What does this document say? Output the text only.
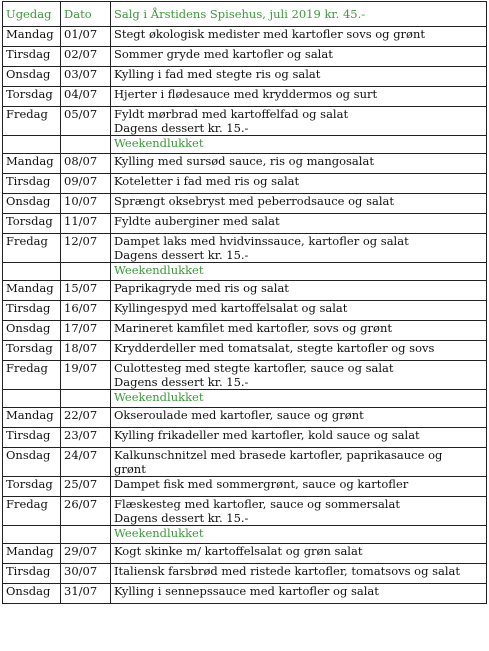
Ugedag	Dato	Salg i Årstidens Spisehus, juli 2019 kr. 45.-
Mandag	01/07	Stegt økologisk medister med kartofler sovs og grønt

Tirsdag	02/07	Sommer gryde med kartofler og salat

Onsdag	03/07	Kylling i fad med stegte ris og salat

Torsdag	04/07	Hjerter i flødesauce med kryddermos og surt

Fredag	05/07	Fyldt mørbrad med kartoffelfad og salat
Dagens dessert kr. 15.-

		Weekendlukket
Mandag	08/07	Kylling med sursød sauce, ris og mangosalat

Tirsdag	09/07	Koteletter i fad med ris og salat

Onsdag	10/07	Sprængt oksebryst med peberrodsauce og salat

Torsdag	11/07	Fyldte auberginer med salat

Fredag	12/07	Dampet laks med hvidvinssauce, kartofler og salat
Dagens dessert kr. 15.-

		Weekendlukket
Mandag	15/07	Paprikagryde med ris og salat

Tirsdag	16/07	Kyllingespyd med kartoffelsalat og salat

Onsdag	17/07	Marineret kamfilet med kartofler, sovs og grønt

Torsdag	18/07	Krydderdeller med tomatsalat, stegte kartofler og sovs

Fredag	19/07	Culottesteg med stegte kartofler, sauce og salat
Dagens dessert kr. 15.-

		Weekendlukket
Mandag	22/07	Okseroulade med kartofler, sauce og grønt

Tirsdag	23/07	Kylling frikadeller med kartofler, kold sauce og salat

Onsdag	24/07	Kalkunschnitzel med brasede kartofler, paprikasauce og
grønt

Torsdag	25/07	Dampet fisk med sommergrønt, sauce og kartofler

Fredag	26/07	Flæskesteg med kartofler, sauce og sommersalat
Dagens dessert kr. 15.-

		Weekendlukket
Mandag	29/07	Kogt skinke m/ kartoffelsalat og grøn salat

Tirsdag	30/07	Italiensk farsbrød med ristede kartofler, tomatsovs og salat

Onsdag	31/07	Kylling i sennepssauce med kartofler og salat
